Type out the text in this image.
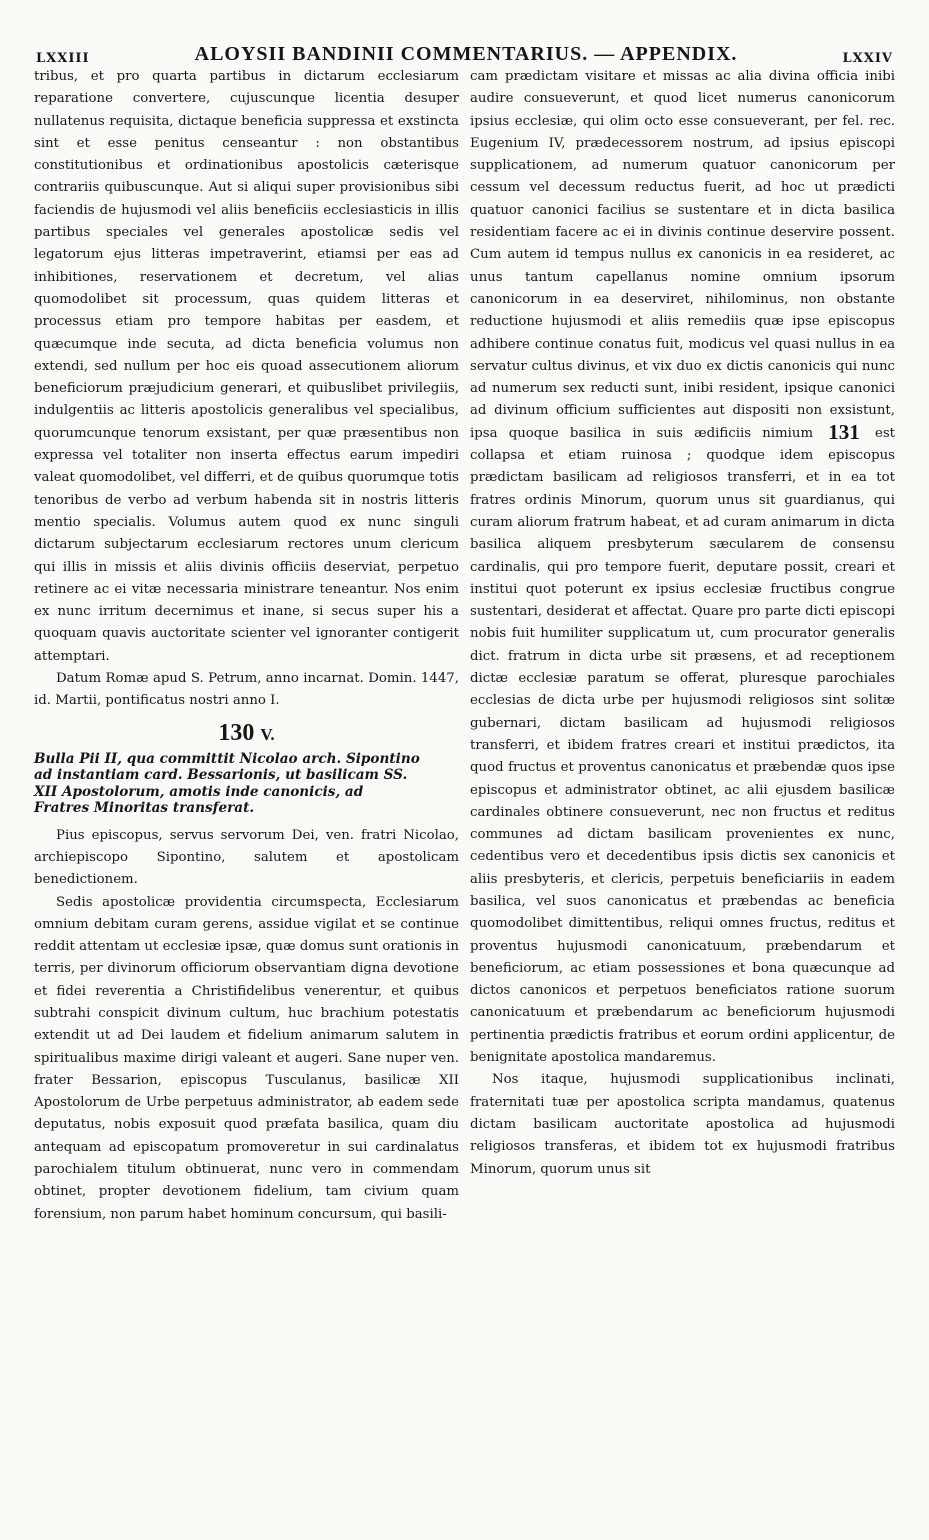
LXXIII	ALOYSII BANDINII COMMENTARIUS. — APPENDIX.	LXXIV

tribus, et pro quarta partibus in dictarum ecclesiarum reparatione convertere, cujuscunque licentia desuper nullatenus requisita, dictaque beneficia suppressa et exstincta sint et esse penitus censeantur : non obstantibus constitutionibus et ordinationibus apostolicis cæterisque contrariis quibuscunque. Aut si aliqui super provisionibus sibi faciendis de hujusmodi vel aliis beneficiis ecclesiasticis in illis partibus speciales vel generales apostolicæ sedis vel legatorum ejus litteras impetraverint, etiamsi per eas ad inhibitiones, reservationem et decretum, vel alias quomodolibet sit processum, quas quidem litteras et processus etiam pro tempore habitas per easdem, et quæcumque inde secuta, ad dicta beneficia volumus non extendi, sed nullum per hoc eis quoad assecutionem aliorum beneficiorum præjudicium generari, et quibuslibet privilegiis, indulgentiis ac litteris apostolicis generalibus vel specialibus, quorumcunque tenorum exsistant, per quæ præsentibus non expressa vel totaliter non inserta effectus earum impediri valeat quomodolibet, vel differri, et de quibus quorumque totis tenoribus de verbo ad verbum habenda sit in nostris litteris mentio specialis. Volumus autem quod ex nunc singuli dictarum subjectarum ecclesiarum rectores unum clericum qui illis in missis et aliis divinis officiis deserviat, perpetuo retinere ac ei vitæ necessaria ministrare teneantur. Nos enim ex nunc irritum decernimus et inane, si secus super his a quoquam quavis auctoritate scienter vel ignoranter contigerit attemptari.

Datum Romæ apud S. Petrum, anno incarnat. Domin. 1447, id. Martii, pontificatus nostri anno I.

130 V.
Bulla Pii II, qua committit Nicolao arch. Sipontino
ad instantiam card. Bessarionis, ut basilicam SS.
XII Apostolorum, amotis inde canonicis, ad
Fratres Minoritas transferat.

Pius episcopus, servus servorum Dei, ven. fratri Nicolao, archiepiscopo Sipontino, salutem et apostolicam benedictionem.

Sedis apostolicæ providentia circumspecta, Ecclesiarum omnium debitam curam gerens, assidue vigilat et se continue reddit attentam ut ecclesiæ ipsæ, quæ domus sunt orationis in terris, per divinorum officiorum observantiam digna devotione et fidei reverentia a Christifidelibus venerentur, et quibus subtrahi conspicit divinum cultum, huc brachium potestatis extendit ut ad Dei laudem et fidelium animarum salutem in spiritualibus maxime dirigi valeant et augeri. Sane nuper ven. frater Bessarion, episcopus Tusculanus, basilicæ XII Apostolorum de Urbe perpetuus administrator, ab eadem sede deputatus, nobis exposuit quod præfata basilica, quam diu antequam ad episcopatum promoveretur in sui cardinalatus parochialem titulum obtinuerat, nunc vero in commendam obtinet, propter devotionem fidelium, tam civium quam forensium, non parum habet hominum concursum, qui basili-

cam prædictam visitare et missas ac alia divina officia inibi audire consueverunt, et quod licet numerus canonicorum ipsius ecclesiæ, qui olim octo esse consueverant, per fel. rec. Eugenium IV, prædecessorem nostrum, ad ipsius episcopi supplicationem, ad numerum quatuor canonicorum per cessum vel decessum reductus fuerit, ad hoc ut prædicti quatuor canonici facilius se sustentare et in dicta basilica residentiam facere ac ei in divinis continue deservire possent. Cum autem id tempus nullus ex canonicis in ea resideret, ac unus tantum capellanus nomine omnium ipsorum canonicorum in ea deserviret, nihilominus, non obstante reductione hujusmodi et aliis remediis quæ ipse episcopus adhibere continue conatus fuit, modicus vel quasi nullus in ea servatur cultus divinus, et vix duo ex dictis canonicis qui nunc ad numerum sex reducti sunt, inibi resident, ipsique canonici ad divinum officium sufficientes aut dispositi non exsistunt, ipsa quoque basilica in suis ædificiis nimium 131 est collapsa et etiam ruinosa ; quodque idem episcopus prædictam basilicam ad religiosos transferri, et in ea tot fratres ordinis Minorum, quorum unus sit guardianus, qui curam aliorum fratrum habeat, et ad curam animarum in dicta basilica aliquem presbyterum sæcularem de consensu cardinalis, qui pro tempore fuerit, deputare possit, creari et institui quot poterunt ex ipsius ecclesiæ fructibus congrue sustentari, desiderat et affectat. Quare pro parte dicti episcopi nobis fuit humiliter supplicatum ut, cum procurator generalis dict. fratrum in dicta urbe sit præsens, et ad receptionem dictæ ecclesiæ paratum se offerat, pluresque parochiales ecclesias de dicta urbe per hujusmodi religiosos sint solitæ gubernari, dictam basilicam ad hujusmodi religiosos transferri, et ibidem fratres creari et institui prædictos, ita quod fructus et proventus canonicatus et præbendæ quos ipse episcopus et administrator obtinet, ac alii ejusdem basilicæ cardinales obtinere consueverunt, nec non fructus et reditus communes ad dictam basilicam provenientes ex nunc, cedentibus vero et decedentibus ipsis dictis sex canonicis et aliis presbyteris, et clericis, perpetuis beneficiariis in eadem basilica, vel suos canonicatus et præbendas ac beneficia quomodolibet dimittentibus, reliqui omnes fructus, reditus et proventus hujusmodi canonicatuum, præbendarum et beneficiorum, ac etiam possessiones et bona quæcunque ad dictos canonicos et perpetuos beneficiatos ratione suorum canonicatuum et præbendarum ac beneficiorum hujusmodi pertinentia prædictis fratribus et eorum ordini applicentur, de benignitate apostolica mandaremus.

Nos itaque, hujusmodi supplicationibus inclinati, fraternitati tuæ per apostolica scripta mandamus, quatenus dictam basilicam auctoritate apostolica ad hujusmodi religiosos transferas, et ibidem tot ex hujusmodi fratribus Minorum, quorum unus sit
